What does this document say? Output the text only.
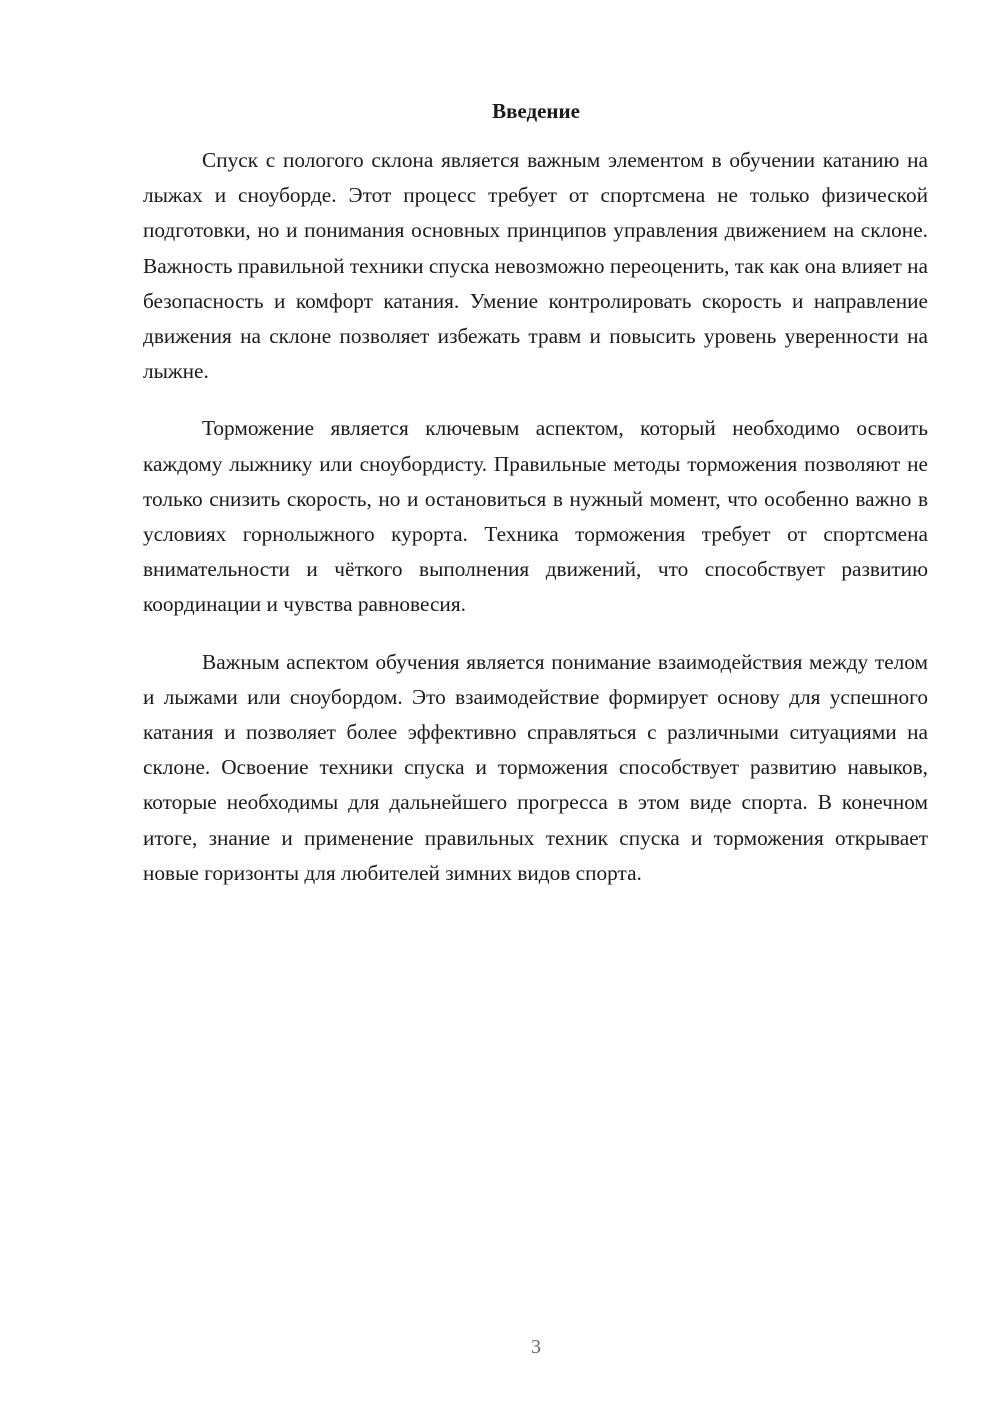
Введение

Спуск с пологого склона является важным элементом в обучении катанию на лыжах и сноуборде. Этот процесс требует от спортсмена не только физической подготовки, но и понимания основных принципов управления движением на склоне. Важность правильной техники спуска невозможно переоценить, так как она влияет на безопасность и комфорт катания. Умение контролировать скорость и направление движения на склоне позволяет избежать травм и повысить уровень уверенности на лыжне.

Торможение является ключевым аспектом, который необходимо освоить каждому лыжнику или сноубордисту. Правильные методы торможения позволяют не только снизить скорость, но и остановиться в нужный момент, что особенно важно в условиях горнолыжного курорта. Техника торможения требует от спортсмена внимательности и чёткого выполнения движений, что способствует развитию координации и чувства равновесия.

Важным аспектом обучения является понимание взаимодействия между телом и лыжами или сноубордом. Это взаимодействие формирует основу для успешного катания и позволяет более эффективно справляться с различными ситуациями на склоне. Освоение техники спуска и торможения способствует развитию навыков, которые необходимы для дальнейшего прогресса в этом виде спорта. В конечном итоге, знание и применение правильных техник спуска и торможения открывает новые горизонты для любителей зимних видов спорта.

3
